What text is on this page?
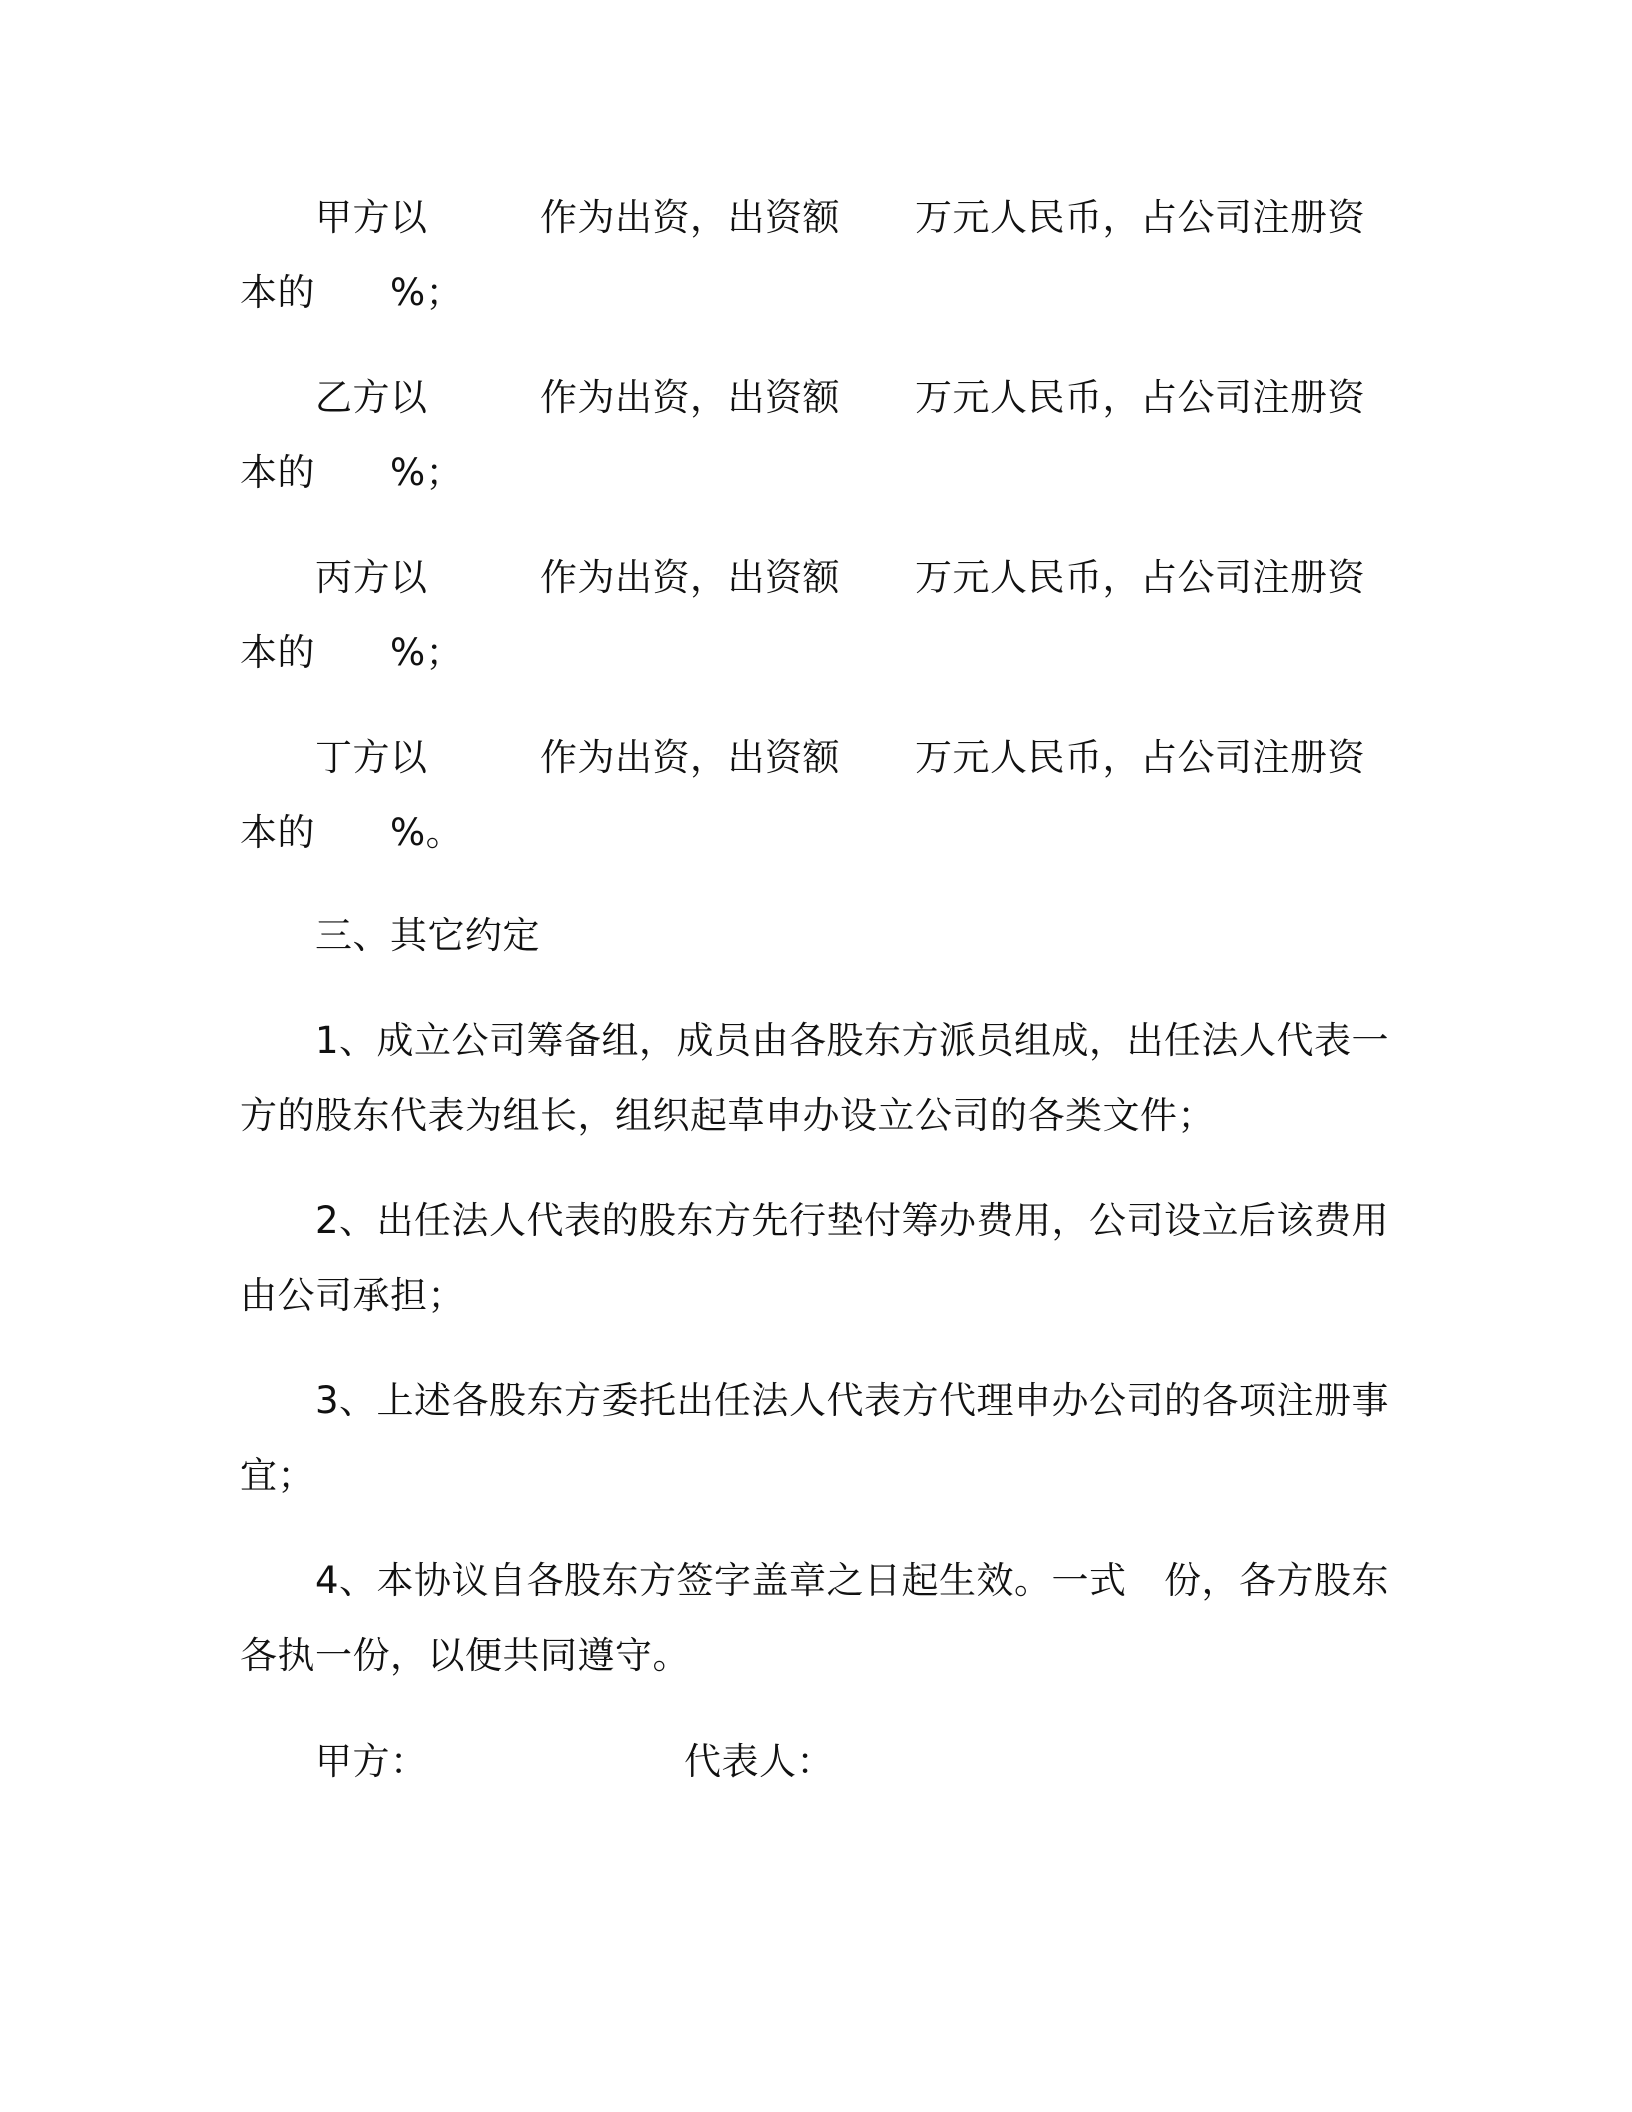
甲方以　　　作为出资，出资额　　万元人民币，占公司注册资
本的　　%；
乙方以　　　作为出资，出资额　　万元人民币，占公司注册资
本的　　%；
丙方以　　　作为出资，出资额　　万元人民币，占公司注册资
本的　　%；
丁方以　　　作为出资，出资额　　万元人民币，占公司注册资
本的　　%。
三、其它约定
1、成立公司筹备组，成员由各股东方派员组成，出任法人代表一
方的股东代表为组长，组织起草申办设立公司的各类文件；
2、出任法人代表的股东方先行垫付筹办费用，公司设立后该费用
由公司承担；
3、上述各股东方委托出任法人代表方代理申办公司的各项注册事
宜；
4、本协议自各股东方签字盖章之日起生效。一式　份，各方股东
各执一份，以便共同遵守。
甲方：	代表人：
